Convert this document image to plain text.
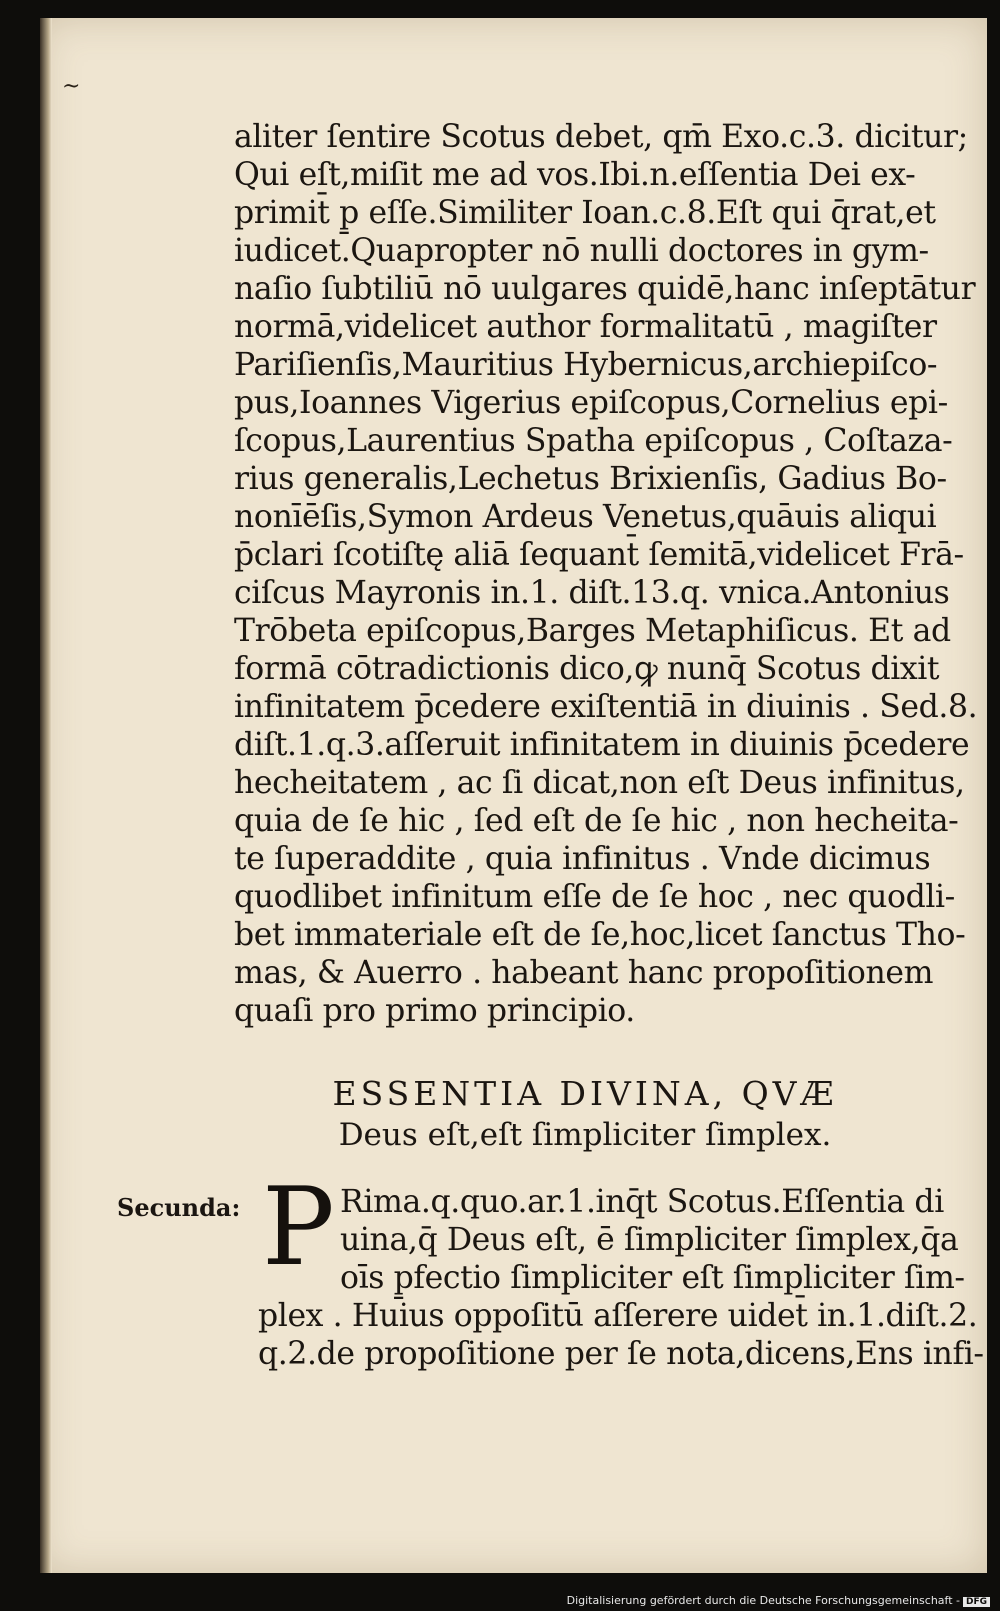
~
aliter ſentire Scotus debet, qm̄ Exo.c.3. dicitur;
Qui eſt,miſit me ad vos.Ibi.n.eſſentia Dei ex-
primit̄ p̱ eſſe.Similiter Ioan.c.8.Eſt qui q̄rat,et
iudicet.Quapropter nō nulli doctores in gym-
naſio ſubtiliū nō uulgares quidē,hanc inſeptātur
normā,videlicet author formalitatū , magiſter
Pariſienſis,Mauritius Hybernicus,archiepiſco-
pus,Ioannes Vigerius epiſcopus,Cornelius epi-
ſcopus,Laurentius Spatha epiſcopus , Coſtaza-
rius generalis,Lechetus Brixienſis, Gadius Bo-
nonīēſis,Symon Ardeus Venetus,quāuis aliqui
p̄clari ſcotiſtę aliā ſequant̄ ſemitā,videlicet Frā-
ciſcus Mayronis in.1. diſt.13.q. vnica.Antonius
Trōbeta epiſcopus,Barges Metaphiſicus. Et ad
formā cōtradictionis dico,ꝙ nunq̄ Scotus dixit
infinitatem p̄cedere exiſtentiā in diuinis . Sed.8.
diſt.1.q.3.aſſeruit infinitatem in diuinis p̄cedere
hecheitatem , ac ſi dicat,non eſt Deus infinitus,
quia de ſe hic , ſed eſt de ſe hic , non hecheita-
te ſuperaddite , quia infinitus . Vnde dicimus
quodlibet infinitum eſſe de ſe hoc , nec quodli-
bet immateriale eſt de ſe,hoc,licet ſanctus Tho-
mas, & Auerro . habeant hanc propoſitionem
quaſi pro primo principio.
ESSENTIA DIVINA, QVÆ
Deus eſt,eſt ſimpliciter ſimplex.
Secunda: P Rima.q.quo.ar.1.inq̄t Scotus.Eſſentia di
uina,q̄ Deus eſt, ē ſimpliciter ſimplex,q̄a
oīs p̱fectio ſimpliciter eſt ſimpliciter ſim-
plex . Huius oppoſitū aſſerere uidet̄ in.1.diſt.2.
q.2.de propoſitione per ſe nota,dicens,Ens infi-
Digitalisierung gefördert durch die Deutsche Forschungsgemeinschaft - DFG
